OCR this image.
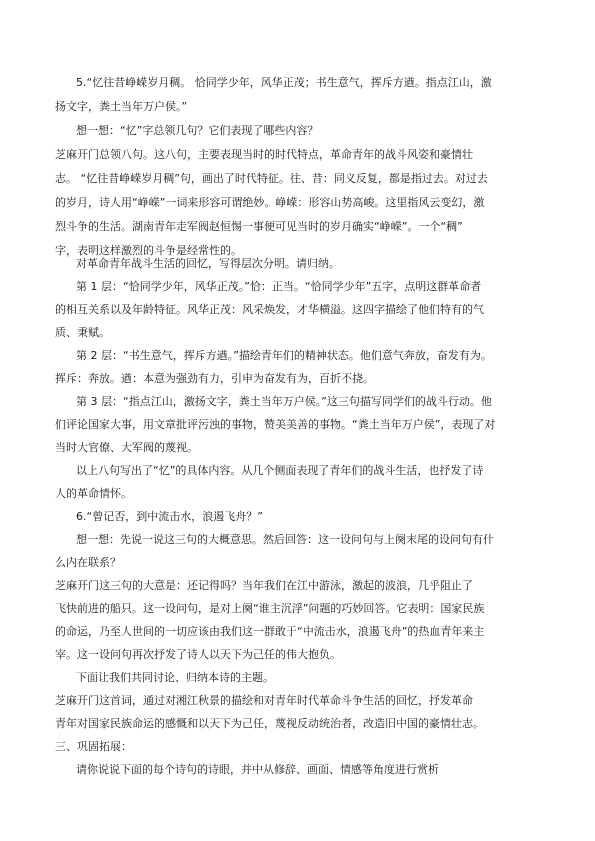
5.“忆往昔峥嵘岁月稠。 恰同学少年，风华正茂；书生意气，挥斥方遒。指点江山，激
扬文字，粪土当年万户侯。”
想一想：“忆”字总领几句？它们表现了哪些内容？
芝麻开门总领八句。这八句，主要表现当时的时代特点，革命青年的战斗风姿和豪情壮
志。 “忆往昔峥嵘岁月稠”句，画出了时代特征。往、昔：同义反复，都是指过去。对过去
的岁月，诗人用“峥嵘”一词来形容可谓绝妙。峥嵘：形容山势高峻。这里指风云变幻，激
烈斗争的生活。湖南青年走军阀赵恒惕一事便可见当时的岁月确实“峥嵘”。一个“稠”
字，表明这样激烈的斗争是经常性的。
对革命青年战斗生活的回忆，写得层次分明。请归纳。
第 1 层：“恰同学少年，风华正茂。”恰：正当。“恰同学少年”五字，点明这群革命者
的相互关系以及年龄特征。风华正茂：风采焕发，才华横溢。这四字描绘了他们特有的气
质、秉赋。
第 2 层：“书生意气，挥斥方遒。”描绘青年们的精神状态。他们意气奔放，奋发有为。
挥斥：奔放。遒：本意为强劲有力，引申为奋发有为，百折不挠。
第 3 层：“指点江山，激扬文字，粪土当年万户侯。”这三句描写同学们的战斗行动。他
们评论国家大事，用文章批评污浊的事物，赞美美善的事物。“粪土当年万户侯”，表现了对
当时大官僚、大军阀的蔑视。
以上八句写出了“忆”的具体内容。从几个侧面表现了青年们的战斗生活，也抒发了诗
人的革命情怀。
6.“曾记否，到中流击水，浪遏飞舟？”
想一想：先说一说这三句的大概意思。然后回答：这一设问句与上阕末尾的设问句有什
么内在联系？
芝麻开门这三句的大意是：还记得吗？当年我们在江中游泳，激起的波浪，几乎阻止了
飞快前进的船只。这一设问句，是对上阕“谁主沉浮”问题的巧妙回答。它表明：国家民族
的命运，乃至人世间的一切应该由我们这一群敢于“中流击水，浪遏飞舟”的热血青年来主
宰。这一设问句再次抒发了诗人以天下为己任的伟大抱负。
下面让我们共同讨论、归纳本诗的主题。
芝麻开门这首词，通过对湘江秋景的描绘和对青年时代革命斗争生活的回忆，抒发革命
青年对国家民族命运的感慨和以天下为己任，蔑视反动统治者，改造旧中国的豪情壮志。
三、巩固拓展：
请你说说下面的每个诗句的诗眼，并中从修辞、画面、情感等角度进行赏析
